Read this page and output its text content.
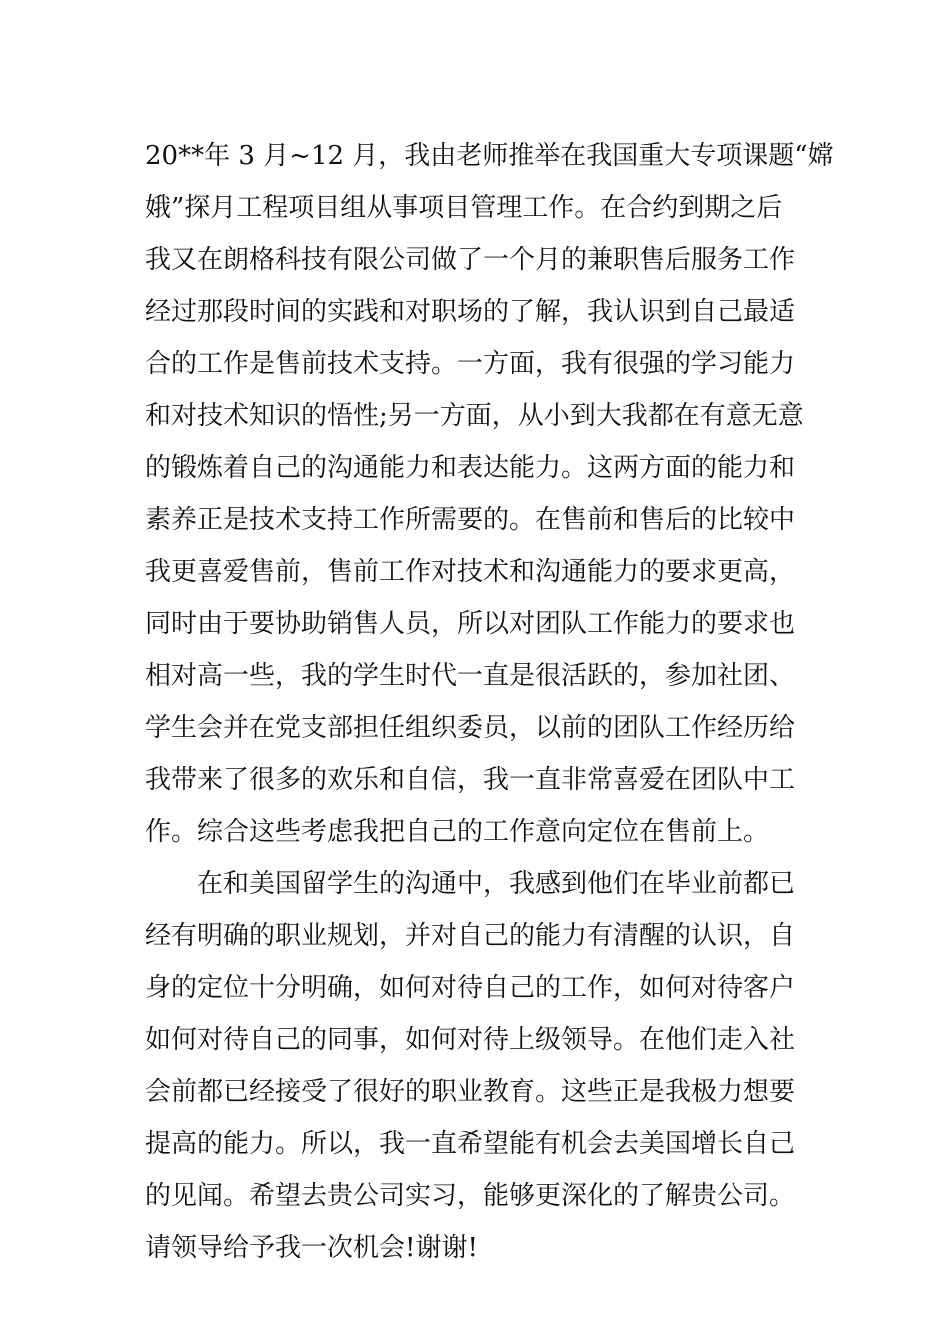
20**年 3 月~12 月，我由老师推举在我国重大专项课题“嫦
娥”探月工程项目组从事项目管理工作。在合约到期之后
我又在朗格科技有限公司做了一个月的兼职售后服务工作
经过那段时间的实践和对职场的了解，我认识到自己最适
合的工作是售前技术支持。一方面，我有很强的学习能力
和对技术知识的悟性;另一方面，从小到大我都在有意无意
的锻炼着自己的沟通能力和表达能力。这两方面的能力和
素养正是技术支持工作所需要的。在售前和售后的比较中
我更喜爱售前，售前工作对技术和沟通能力的要求更高，
同时由于要协助销售人员，所以对团队工作能力的要求也
相对高一些，我的学生时代一直是很活跃的，参加社团、
学生会并在党支部担任组织委员，以前的团队工作经历给
我带来了很多的欢乐和自信，我一直非常喜爱在团队中工
作。综合这些考虑我把自己的工作意向定位在售前上。
　　在和美国留学生的沟通中，我感到他们在毕业前都已
经有明确的职业规划，并对自己的能力有清醒的认识，自
身的定位十分明确，如何对待自己的工作，如何对待客户
如何对待自己的同事，如何对待上级领导。在他们走入社
会前都已经接受了很好的职业教育。这些正是我极力想要
提高的能力。所以，我一直希望能有机会去美国增长自己
的见闻。希望去贵公司实习，能够更深化的了解贵公司。
请领导给予我一次机会!谢谢!
